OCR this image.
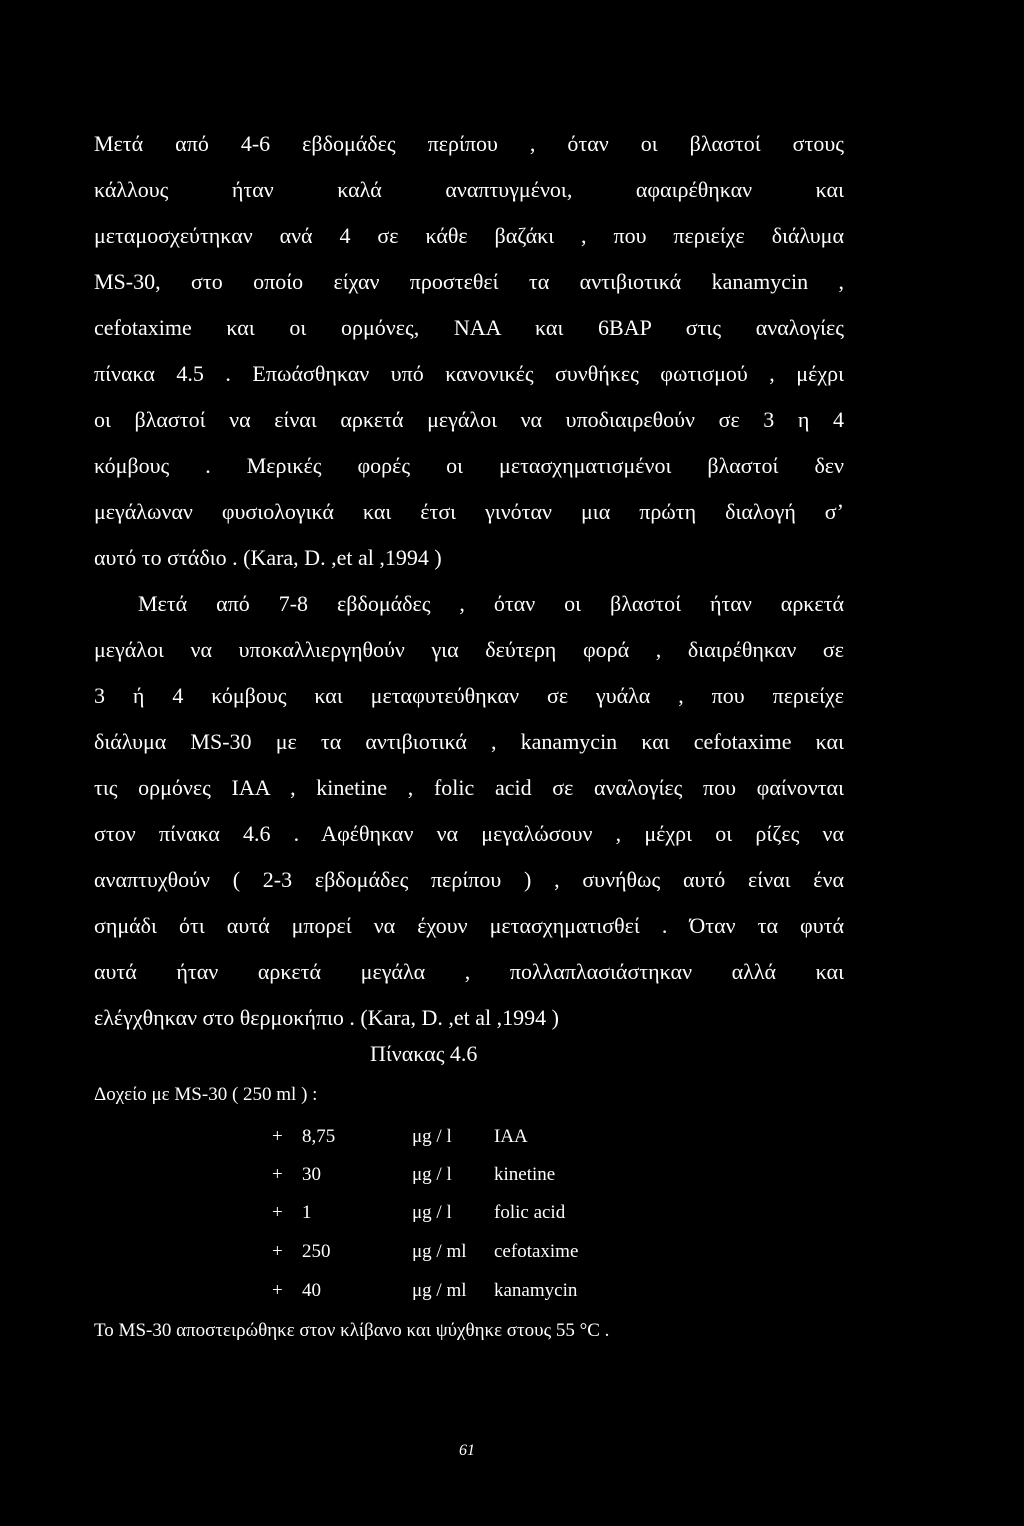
Μετά από 4-6 εβδομάδες περίπου , όταν οι βλαστοί στους
κάλλους ήταν καλά αναπτυγμένοι, αφαιρέθηκαν και
μεταμοσχεύτηκαν ανά 4 σε κάθε βαζάκι , που περιείχε διάλυμα
MS-30, στο οποίο είχαν προστεθεί τα αντιβιοτικά kanamycin ,
cefotaxime και οι ορμόνες, NAA και 6BAP στις αναλογίες
πίνακα 4.5 . Επωάσθηκαν υπό κανονικές συνθήκες φωτισμού , μέχρι
οι βλαστοί να είναι αρκετά μεγάλοι να υποδιαιρεθούν σε 3 η 4
κόμβους . Μερικές φορές οι μετασχηματισμένοι βλαστοί δεν
μεγάλωναν φυσιολογικά και έτσι γινόταν μια πρώτη διαλογή σ’
αυτό το στάδιο . (Kara, D. ,et al ,1994 )
Μετά από 7-8 εβδομάδες , όταν οι βλαστοί ήταν αρκετά
μεγάλοι να υποκαλλιεργηθούν για δεύτερη φορά , διαιρέθηκαν σε
3 ή 4 κόμβους και μεταφυτεύθηκαν σε γυάλα , που περιείχε
διάλυμα MS-30 με τα αντιβιοτικά , kanamycin και cefotaxime και
τις ορμόνες IAA , kinetine , folic acid σε αναλογίες που φαίνονται
στον πίνακα 4.6 . Αφέθηκαν να μεγαλώσουν , μέχρι οι ρίζες να
αναπτυχθούν ( 2-3 εβδομάδες περίπου ) , συνήθως αυτό είναι ένα
σημάδι ότι αυτά μπορεί να έχουν μετασχηματισθεί . Όταν τα φυτά
αυτά ήταν αρκετά μεγάλα , πολλαπλασιάστηκαν αλλά και
ελέγχθηκαν στο θερμοκήπιο . (Kara, D. ,et al ,1994 )
Πίνακας 4.6
Δοχείο με MS-30 ( 250 ml ) :
+ 8,75	μg / l IAA
+ 30	μg / l kinetine
+ 1	μg / l folic acid
+ 250	μg / ml cefotaxime
+ 40	μg / ml kanamycin
Το MS-30 αποστειρώθηκε στον κλίβανο και ψύχθηκε στους 55 °C .
61
